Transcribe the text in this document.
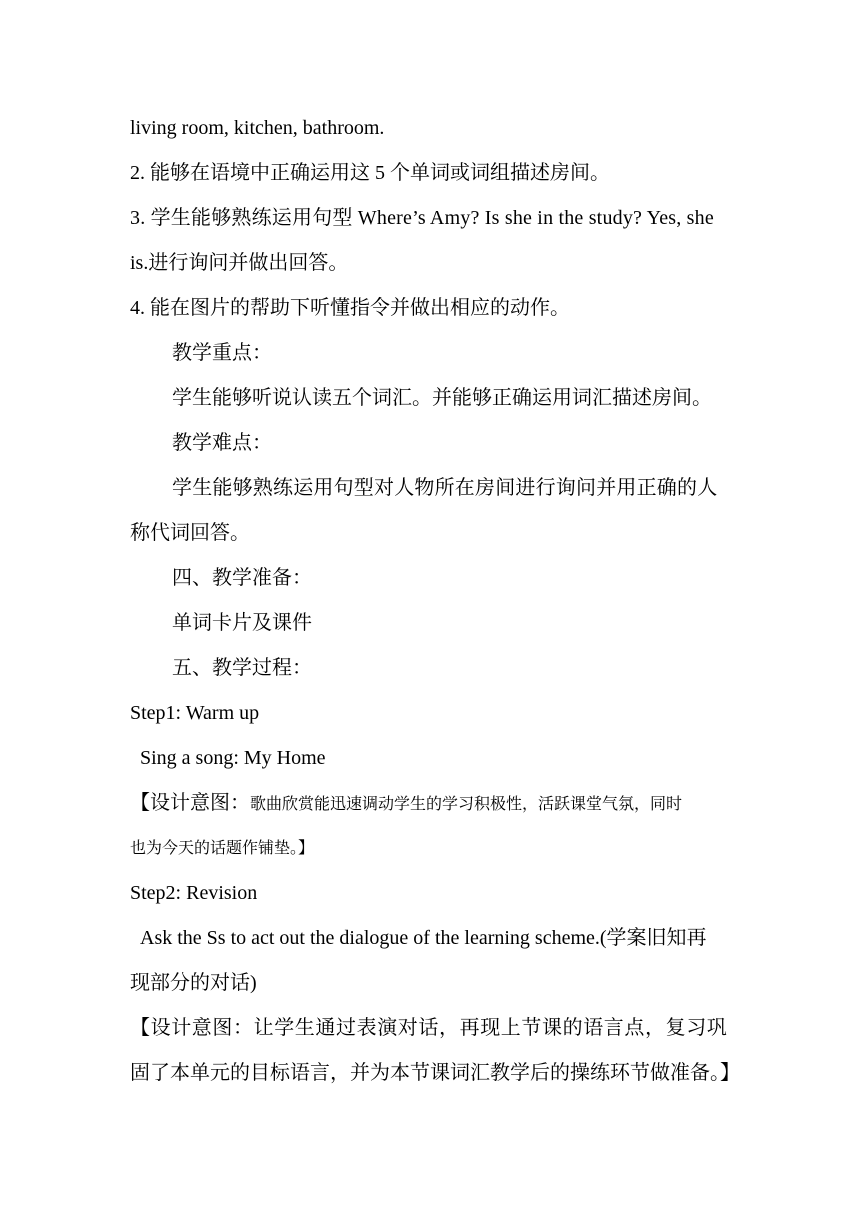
living room, kitchen, bathroom.
2. 能够在语境中正确运用这 5 个单词或词组描述房间。
3. 学生能够熟练运用句型 Where’s Amy? Is she in the study? Yes, she
is.进行询问并做出回答。
4. 能在图片的帮助下听懂指令并做出相应的动作。
教学重点：
学生能够听说认读五个词汇。并能够正确运用词汇描述房间。
教学难点：
学生能够熟练运用句型对人物所在房间进行询问并用正确的人
称代词回答。
四、教学准备：
单词卡片及课件
五、教学过程：
Step1: Warm up
Sing a song: My Home
【设计意图：歌曲欣赏能迅速调动学生的学习积极性，活跃课堂气氛，同时
也为今天的话题作铺垫。】
Step2: Revision
Ask the Ss to act out the dialogue of the learning scheme.(学案旧知再
现部分的对话)
【设计意图：让学生通过表演对话，再现上节课的语言点，复习巩
固了本单元的目标语言，并为本节课词汇教学后的操练环节做准备。】
